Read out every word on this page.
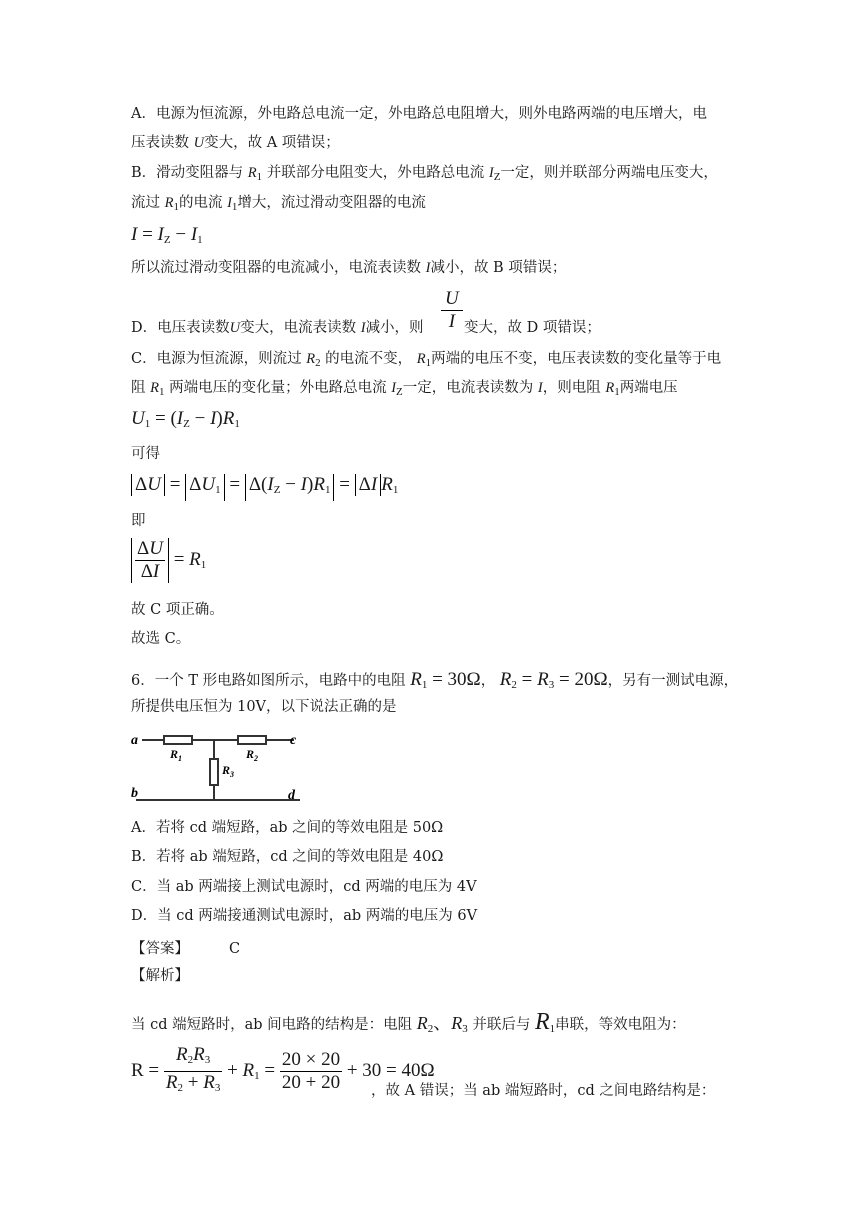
A．电源为恒流源，外电路总电流一定，外电路总电阻增大，则外电路两端的电压增大，电
压表读数 U变大，故 A 项错误；
B．滑动变阻器与 $R_1$ 并联部分电阻变大，外电路总电流 $I_Z$一定，则并联部分两端电压变大，
流过 $R_1$的电流 $I_1$增大，流过滑动变阻器的电流
$I = I_Z - I_1$
所以流过滑动变阻器的电流减小，电流表读数 I减小，故 B 项错误；
U
I
D．电压表读数U变大，电流表读数 I减小，则	变大，故 D 项错误；
C．电源为恒流源，则流过 $R_2$ 的电流不变， $R_1$两端的电压不变，电压表读数的变化量等于电
阻 $R_1$ 两端电压的变化量；外电路总电流 $I_Z$一定，电流表读数为 I，则电阻 $R_1$两端电压
$U_1 = (I_Z - I)R_1$
可得
$\Delta U = \Delta U_1 = \Delta(I_Z - I)R_1 = \Delta I$ $R_1$
即
$\frac{\Delta U}{\Delta I} = R_1$
故 C 项正确。
故选 C。
6．一个 T 形电路如图所示，电路中的电阻 $R_1 = 30\Omega$， $R_2 = R_3 = 20\Omega$，另有一测试电源，
所提供电压恒为 10V，以下说法正确的是
a	c
b	d
$R_1$	$R_2$
$R_3$
A．若将 cd 端短路，ab 之间的等效电阻是 50Ω
B．若将 ab 端短路，cd 之间的等效电阻是 40Ω
C．当 ab 两端接上测试电源时，cd 两端的电压为 4V
D．当 cd 两端接通测试电源时，ab 两端的电压为 6V
【答案】	C
【解析】
当 cd 端短路时，ab 间电路的结构是：电阻 $R_2$、$R_3$ 并联后与 $R_1$串联，等效电阻为：
$R = \frac{R_2R_3}{R_2 + R_3} + R_1 = \frac{20 \times 20}{20 + 20} + 30 = 40\Omega$
，故 A 错误；当 ab 端短路时，cd 之间电路结构是：
